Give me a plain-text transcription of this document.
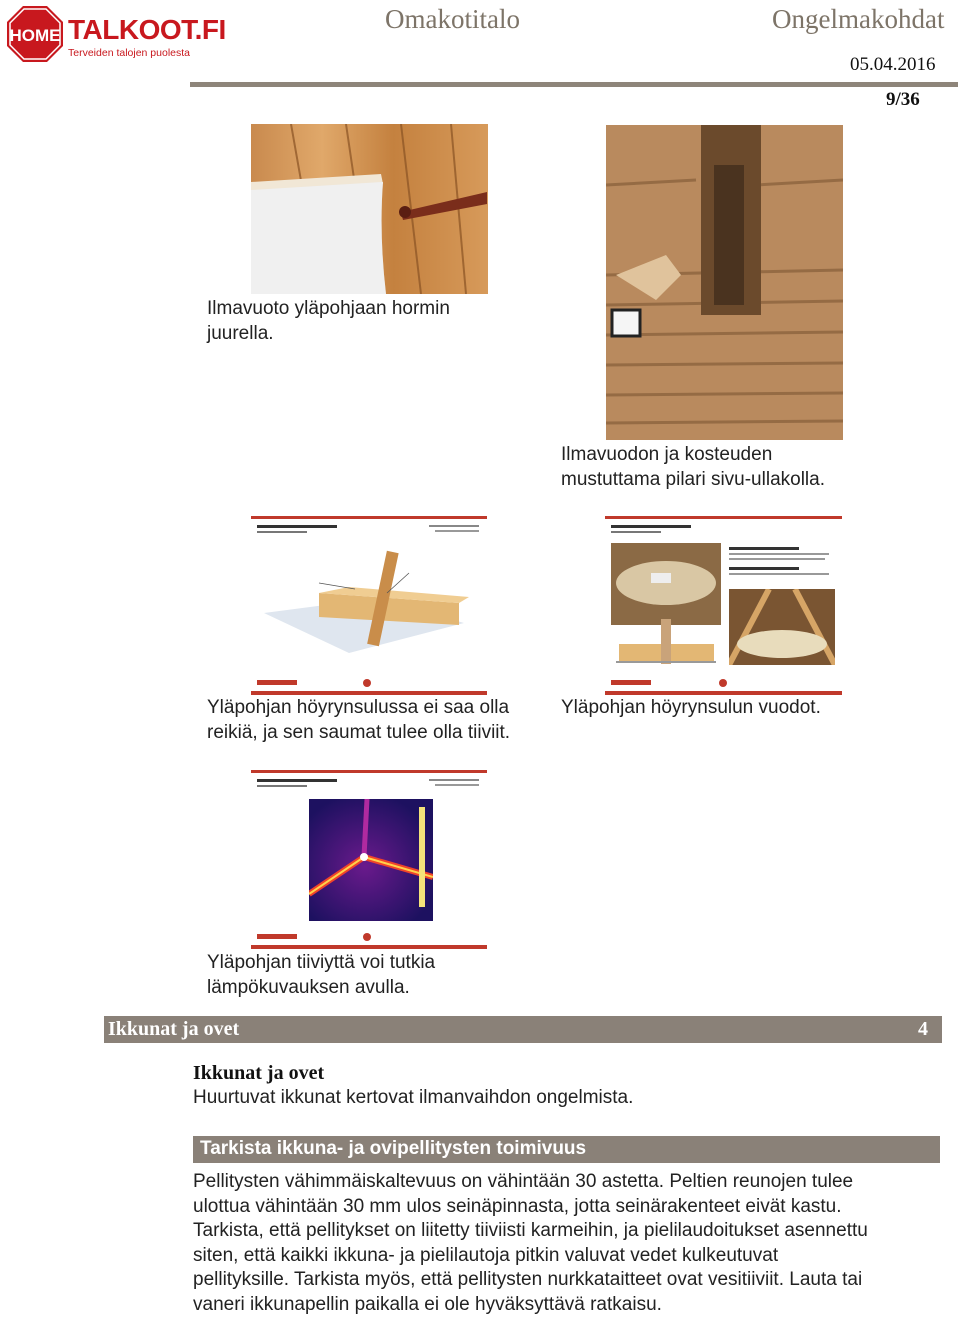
HOME TALKOOT.FI
Terveiden talojen puolesta
Omakotitalo	Ongelmakohdat
05.04.2016
9/36
Ilmavuoto yläpohjaan hormin
juurella.
Ilmavuodon ja kosteuden
mustuttama pilari sivu-ullakolla.
Yläpohjan höyrynsulussa ei saa olla
reikiä, ja sen saumat tulee olla tiiviit.
Yläpohjan höyrynsulun vuodot.
Yläpohjan tiiviyttä voi tutkia
lämpökuvauksen avulla.
Ikkunat ja ovet	4
Ikkunat ja ovet
Huurtuvat ikkunat kertovat ilmanvaihdon ongelmista.
Tarkista ikkuna- ja ovipellitysten toimivuus
Pellitysten vähimmäiskaltevuus on vähintään 30 astetta. Peltien reunojen tulee
ulottua vähintään 30 mm ulos seinäpinnasta, jotta seinärakenteet eivät kastu.
Tarkista, että pellitykset on liitetty tiiviisti karmeihin, ja pielilaudoitukset asennettu
siten, että kaikki ikkuna- ja pielilautoja pitkin valuvat vedet kulkeutuvat
pellityksille. Tarkista myös, että pellitysten nurkkataitteet ovat vesitiiviit. Lauta tai
vaneri ikkunapellin paikalla ei ole hyväksyttävä ratkaisu.
